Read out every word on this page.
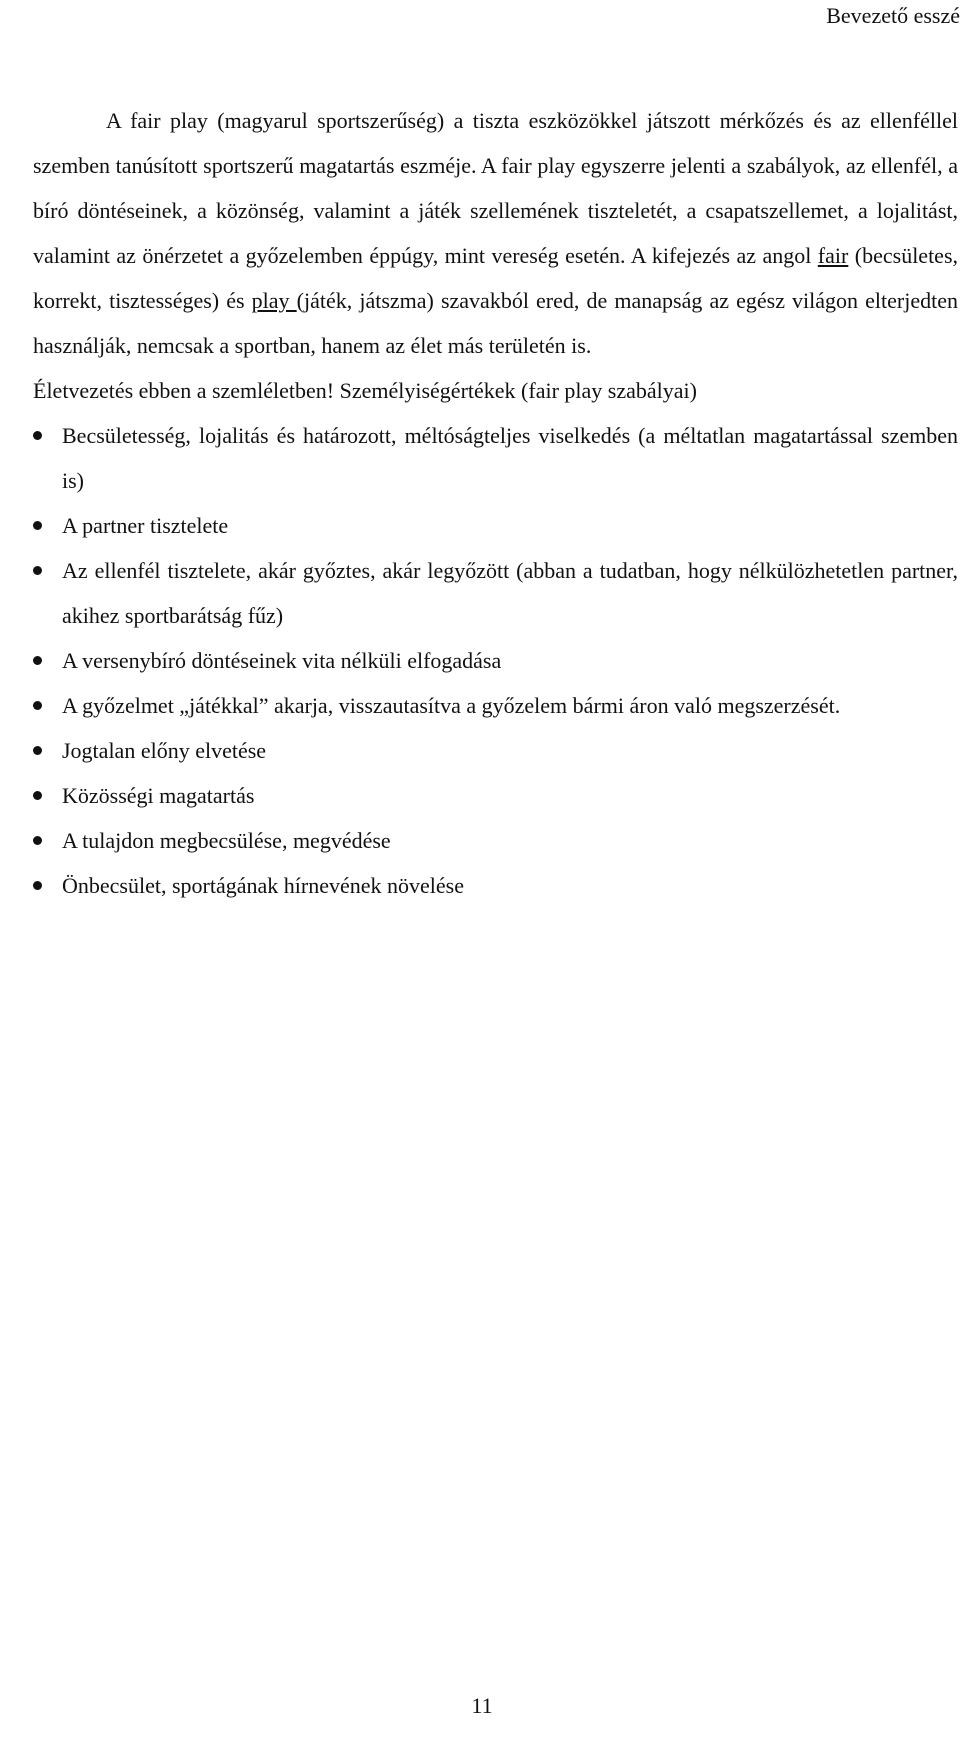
Bevezető esszé

A fair play (magyarul sportszerűség) a tiszta eszközökkel játszott mérkőzés és az ellenféllel szemben tanúsított sportszerű magatartás eszméje. A fair play egyszerre jelenti a szabályok, az ellenfél, a bíró döntéseinek, a közönség, valamint a játék szellemének tiszteletét, a csapatszellemet, a lojalitást, valamint az önérzetet a győzelemben éppúgy, mint vereség esetén. A kifejezés az angol fair (becsületes, korrekt, tisztességes) és play (játék, játszma) szavakból ered, de manapság az egész világon elterjedten használják, nemcsak a sportban, hanem az élet más területén is.

Életvezetés ebben a szemléletben! Személyiségértékek (fair play szabályai)
Becsületesség, lojalitás és határozott, méltóságteljes viselkedés (a méltatlan magatartással szemben is)
A partner tisztelete
Az ellenfél tisztelete, akár győztes, akár legyőzött (abban a tudatban, hogy nélkülözhetetlen partner, akihez sportbarátság fűz)
A versenybíró döntéseinek vita nélküli elfogadása
A győzelmet „játékkal” akarja, visszautasítva a győzelem bármi áron való megszerzését.
Jogtalan előny elvetése
Közösségi magatartás
A tulajdon megbecsülése, megvédése
Önbecsület, sportágának hírnevének növelése
11
